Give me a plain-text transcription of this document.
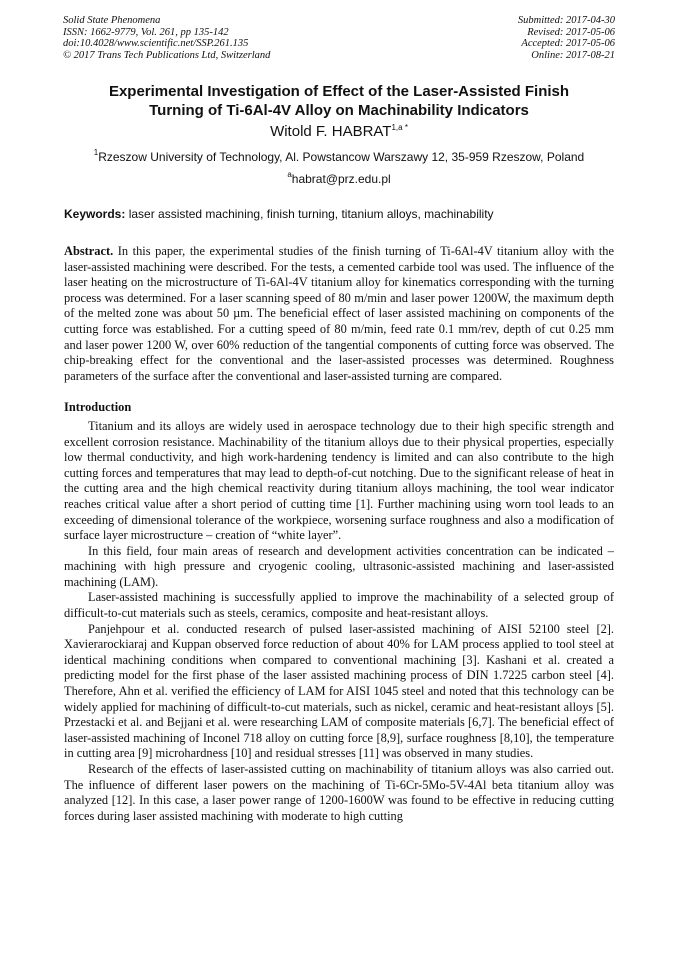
Solid State Phenomena
ISSN: 1662-9779, Vol. 261, pp 135-142
doi:10.4028/www.scientific.net/SSP.261.135
© 2017 Trans Tech Publications Ltd, Switzerland
Submitted: 2017-04-30
Revised: 2017-05-06
Accepted: 2017-05-06
Online: 2017-08-21
Experimental Investigation of Effect of the Laser-Assisted Finish
Turning of Ti-6Al-4V Alloy on Machinability Indicators
Witold F. $HABRAT^{1,a *}$
$^1$Rzeszow University of Technology, Al. Powstancow Warszawy 12, 35-959 Rzeszow, Poland
$^a$habrat@prz.edu.pl
Keywords: laser assisted machining, finish turning, titanium alloys, machinability

Abstract. In this paper, the experimental studies of the finish turning of Ti-6Al-4V titanium alloy with the laser-assisted machining were described. For the tests, a cemented carbide tool was used. The influence of the laser heating on the microstructure of Ti-6Al-4V titanium alloy for kinematics corresponding with the turning process was determined. For a laser scanning speed of 80 m/min and laser power 1200W, the maximum depth of the melted zone was about 50 µm. The beneficial effect of laser assisted machining on components of the cutting force was established. For a cutting speed of 80 m/min, feed rate 0.1 mm/rev, depth of cut 0.25 mm and laser power 1200 W, over 60% reduction of the tangential components of cutting force was observed. The chip-breaking effect for the conventional and the laser-assisted processes was determined. Roughness parameters of the surface after the conventional and laser-assisted turning are compared.

Introduction

Titanium and its alloys are widely used in aerospace technology due to their high specific strength and excellent corrosion resistance. Machinability of the titanium alloys due to their physical properties, especially low thermal conductivity, and high work-hardening tendency is limited and can also contribute to the high cutting forces and temperatures that may lead to depth-of-cut notching. Due to the significant release of heat in the cutting area and the high chemical reactivity during titanium alloys machining, the tool wear indicator reaches critical value after a short period of cutting time [1]. Further machining using worn tool leads to an exceeding of dimensional tolerance of the workpiece, worsening surface roughness and also a modification of surface layer microstructure – creation of “white layer”.

In this field, four main areas of research and development activities concentration can be indicated – machining with high pressure and cryogenic cooling, ultrasonic-assisted machining and laser-assisted machining (LAM).

Laser-assisted machining is successfully applied to improve the machinability of a selected group of difficult-to-cut materials such as steels, ceramics, composite and heat-resistant alloys.

Panjehpour et al. conducted research of pulsed laser-assisted machining of AISI 52100 steel [2]. Xavierarockiaraj and Kuppan observed force reduction of about 40% for LAM process applied to tool steel at identical machining conditions when compared to conventional machining [3]. Kashani et al. created a predicting model for the first phase of the laser assisted machining process of DIN 1.7225 carbon steel [4]. Therefore, Ahn et al. verified the efficiency of LAM for AISI 1045 steel and noted that this technology can be widely applied for machining of difficult-to-cut materials, such as nickel, ceramic and heat-resistant alloys [5]. Przestacki et al. and Bejjani et al. were researching LAM of composite materials [6,7]. The beneficial effect of laser-assisted machining of Inconel 718 alloy on cutting force [8,9], surface roughness [8,10], the temperature in cutting area [9] microhardness [10] and residual stresses [11] was observed in many studies.

Research of the effects of laser-assisted cutting on machinability of titanium alloys was also carried out. The influence of different laser powers on the machining of Ti-6Cr-5Mo-5V-4Al beta titanium alloy was analyzed [12]. In this case, a laser power range of 1200-1600W was found to be effective in reducing cutting forces during laser assisted machining with moderate to high cutting
